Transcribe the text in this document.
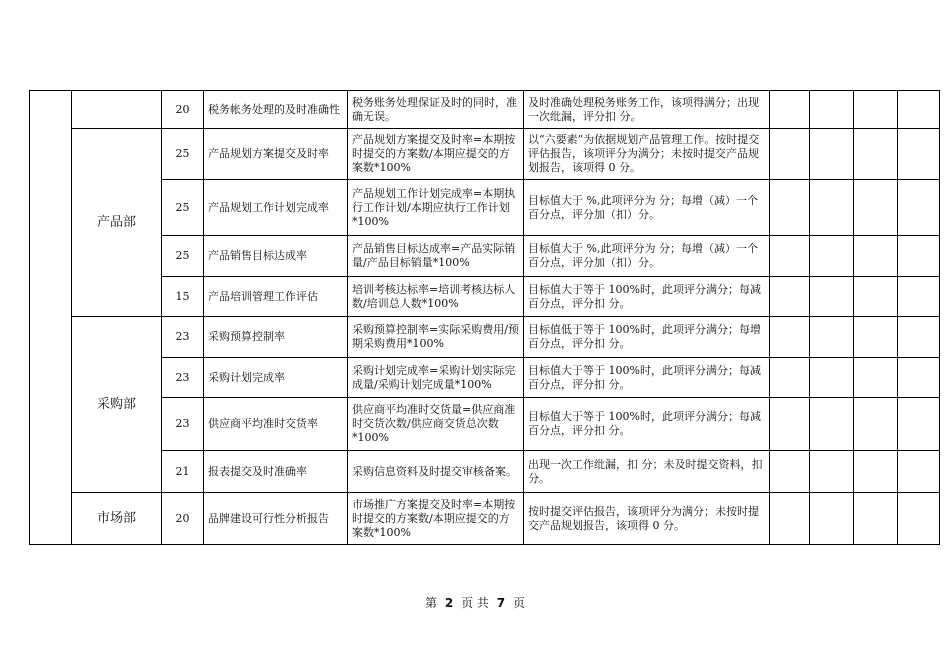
		20	税务帐务处理的及时准确性	税务账务处理保证及时的同时，准确无误。	及时准确处理税务账务工作，该项得满分；出现一次纰漏，评分扣 分。				
	产品部	25	产品规划方案提交及时率	产品规划方案提交及时率=本期按时提交的方案数/本期应提交的方案数*100%	以“六要素”为依据规划产品管理工作。按时提交评估报告，该项评分为满分；未按时提交产品规划报告，该项得 0 分。				
		25	产品规划工作计划完成率	产品规划工作计划完成率=本期执行工作计划/本期应执行工作计划*100%	目标值大于 %,此项评分为 分；每增（减）一个百分点，评分加（扣）分。				
		25	产品销售目标达成率	产品销售目标达成率=产品实际销量/产品目标销量*100%	目标值大于 %,此项评分为 分；每增（减）一个百分点，评分加（扣）分。				
		15	产品培训管理工作评估	培训考核达标率=培训考核达标人数/培训总人数*100%	目标值大于等于 100%时，此项评分满分；每减 百分点，评分扣 分。				
	采购部	23	采购预算控制率	采购预算控制率=实际采购费用/预期采购费用*100%	目标值低于等于 100%时，此项评分满分；每增 百分点，评分扣 分。				
		23	采购计划完成率	采购计划完成率=采购计划实际完成量/采购计划完成量*100%	目标值大于等于 100%时，此项评分满分；每减 百分点，评分扣 分。				
		23	供应商平均准时交货率	供应商平均准时交货量=供应商准时交货次数/供应商交货总次数*100%	目标值大于等于 100%时，此项评分满分；每减 百分点，评分扣 分。				
		21	报表提交及时准确率	采购信息资料及时提交审核备案。	出现一次工作纰漏，扣 分；未及时提交资料，扣 分。				
	市场部	20	品牌建设可行性分析报告	市场推广方案提交及时率=本期按时提交的方案数/本期应提交的方案数*100%	按时提交评估报告，该项评分为满分；未按时提交产品规划报告，该项得 0 分。				
第 2 页 共 7 页
